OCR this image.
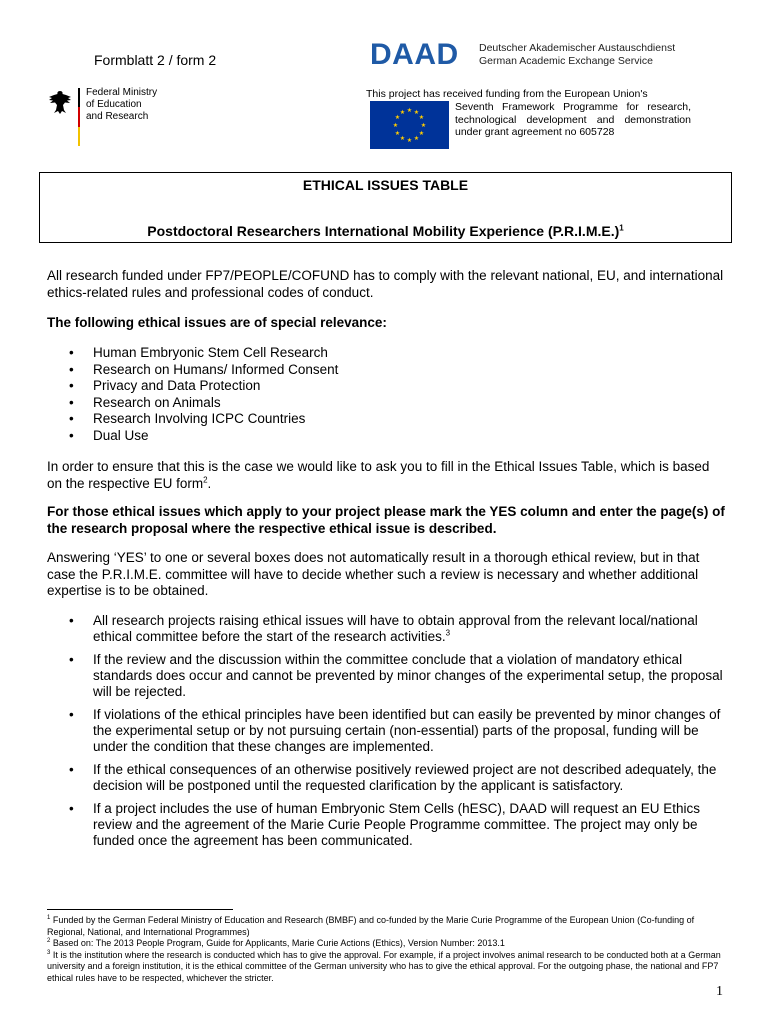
Formblatt 2 / form 2
Federal Ministry
of Education
and Research
DAAD Deutscher Akademischer Austauschdienst
German Academic Exchange Service
This project has received funding from the European Union's
★ ★
★
★
★
★
★
★
★
★
★
★	Seventh Framework Programme for research, technological development and demonstration under grant agreement no 605728
ETHICAL ISSUES TABLE
Postdoctoral Researchers International Mobility Experience $(P.R.I.M.E.)^1$
All research funded under FP7/PEOPLE/COFUND has to comply with the relevant national, EU, and international ethics-related rules and professional codes of conduct.
The following ethical issues are of special relevance:
• Human Embryonic Stem Cell Research
• Research on Humans/ Informed Consent
• Privacy and Data Protection
• Research on Animals
• Research Involving ICPC Countries
• Dual Use
In order to ensure that this is the case we would like to ask you to fill in the Ethical Issues Table, which is based on the respective EU form$^2$.
For those ethical issues which apply to your project please mark the YES column and enter the page(s) of the research proposal where the respective ethical issue is described.
Answering ‘YES’ to one or several boxes does not automatically result in a thorough ethical review, but in that case the P.R.I.M.E. committee will have to decide whether such a review is necessary and whether additional expertise is to be obtained.
• All research projects raising ethical issues will have to obtain approval from the relevant local/national ethical committee before the start of the research activities.$^3$
• If the review and the discussion within the committee conclude that a violation of mandatory ethical standards does occur and cannot be prevented by minor changes of the experimental setup, the proposal will be rejected.
• If violations of the ethical principles have been identified but can easily be prevented by minor changes of the experimental setup or by not pursuing certain (non-essential) parts of the proposal, funding will be under the condition that these changes are implemented.
• If the ethical consequences of an otherwise positively reviewed project are not described adequately, the decision will be postponed until the requested clarification by the applicant is satisfactory.
• If a project includes the use of human Embryonic Stem Cells (hESC), DAAD will request an EU Ethics review and the agreement of the Marie Curie People Programme committee. The project may only be funded once the agreement has been communicated.
$^1$ Funded by the German Federal Ministry of Education and Research (BMBF) and co-funded by the Marie Curie Programme of the European Union (Co-funding of Regional, National, and International Programmes)
$^2$ Based on: The 2013 People Program, Guide for Applicants, Marie Curie Actions (Ethics), Version Number: 2013.1
$^3$ It is the institution where the research is conducted which has to give the approval. For example, if a project involves animal research to be conducted both at a German university and a foreign institution, it is the ethical committee of the German university who has to give the ethical approval. For the outgoing phase, the national and FP7 ethical rules have to be respected, whichever the stricter.
1
